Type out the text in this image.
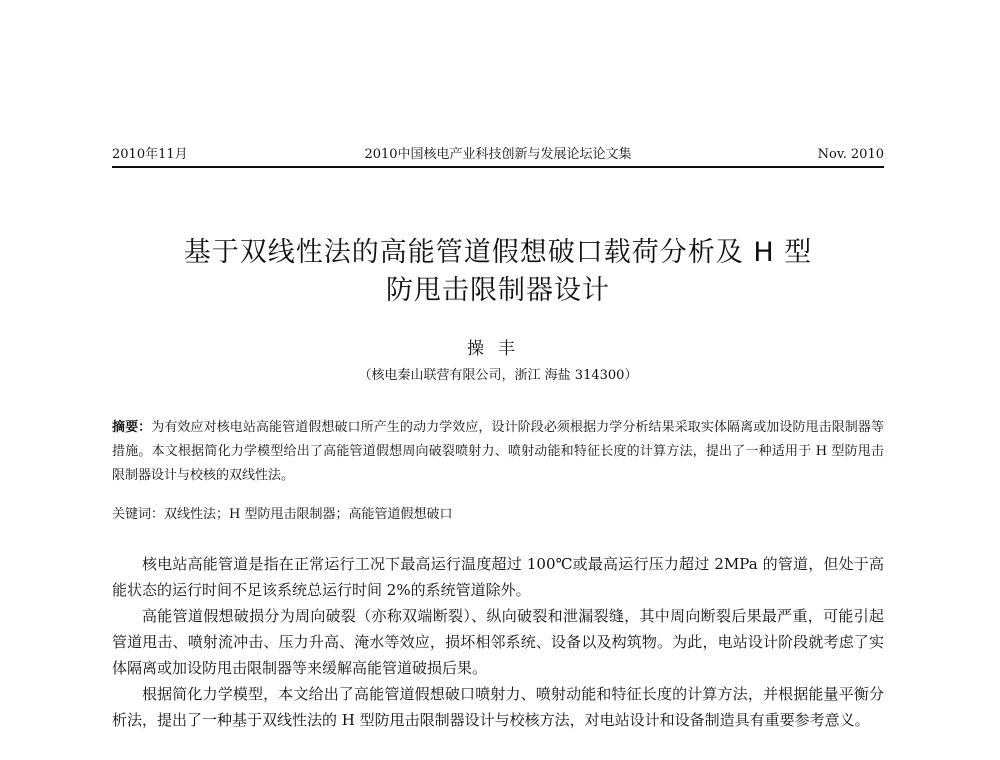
2010中国核电产业科技创新与发展论坛论文集
2010年11月	Nov. 2010
基于双线性法的高能管道假想破口载荷分析及 H 型
防甩击限制器设计
操丰
（核电秦山联营有限公司，浙江 海盐 314300）

摘要：为有效应对核电站高能管道假想破口所产生的动力学效应，设计阶段必须根据力学分析结果采取实体隔离或加设防甩击限制器等措施。本文根据简化力学模型给出了高能管道假想周向破裂喷射力、喷射动能和特征长度的计算方法，提出了一种适用于 H 型防甩击限制器设计与校核的双线性法。

关键词：双线性法；H 型防甩击限制器；高能管道假想破口

核电站高能管道是指在正常运行工况下最高运行温度超过 100℃或最高运行压力超过 2MPa 的管道，但处于高能状态的运行时间不足该系统总运行时间 2%的系统管道除外。

高能管道假想破损分为周向破裂（亦称双端断裂）、纵向破裂和泄漏裂缝，其中周向断裂后果最严重，可能引起管道甩击、喷射流冲击、压力升高、淹水等效应，损坏相邻系统、设备以及构筑物。为此，电站设计阶段就考虑了实体隔离或加设防甩击限制器等来缓解高能管道破损后果。

根据简化力学模型，本文给出了高能管道假想破口喷射力、喷射动能和特征长度的计算方法，并根据能量平衡分析法，提出了一种基于双线性法的 H 型防甩击限制器设计与校核方法，对电站设计和设备制造具有重要参考意义。
